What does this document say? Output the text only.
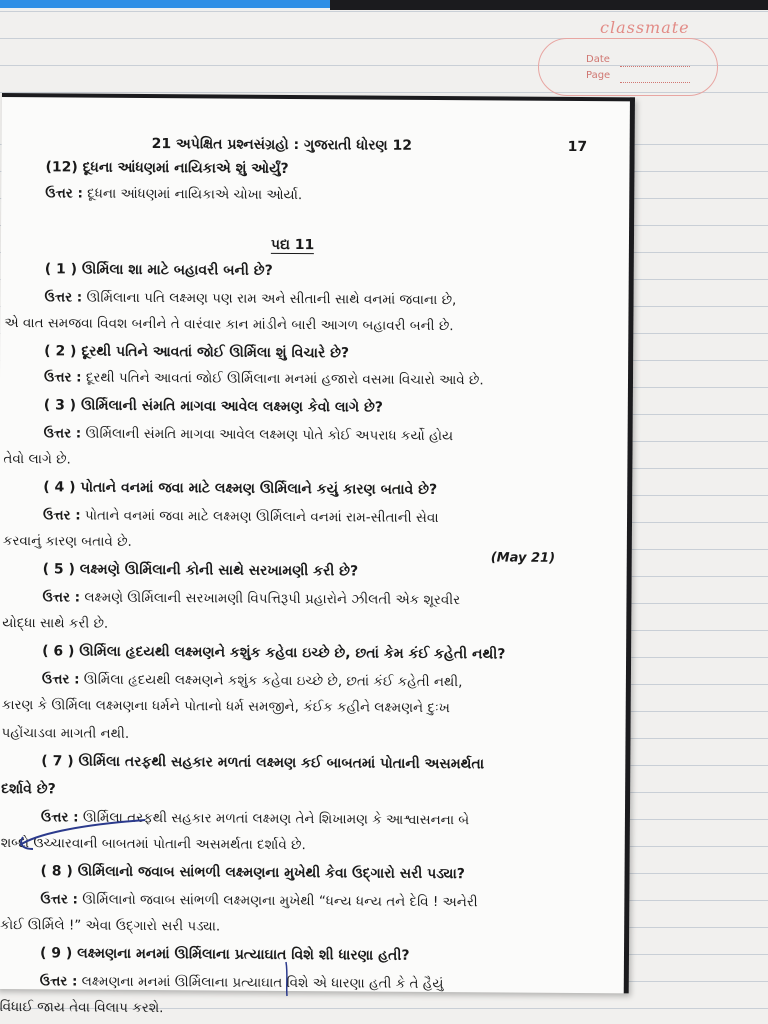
classmate
Date
Page
21 અપેક્ષિત પ્રશ્નસંગ્રહો : ગુજરાતી ધોરણ 12	17
પદ્ય 11
(May 21)
(12) દૂધના આંધણમાં નાયિકાએ શું ઓર્યું?
ઉત્તર : દૂધના આંધણમાં નાયિકાએ ચોખા ઓર્યા.
( 1 ) ઊર્મિલા શા માટે બહાવરી બની છે?
ઉત્તર : ઊર્મિલાના પતિ લક્ષ્મણ પણ રામ અને સીતાની સાથે વનમાં જવાના છે,
એ વાત સમજવા વિવશ બનીને તે વારંવાર કાન માંડીને બારી આગળ બહાવરી બની છે.
( 2 ) દૂરથી પતિને આવતાં જોઈ ઊર્મિલા શું વિચારે છે?
ઉત્તર : દૂરથી પતિને આવતાં જોઈ ઊર્મિલાના મનમાં હજારો વસમા વિચારો આવે છે.
( 3 ) ઊર્મિલાની સંમતિ માગવા આવેલ લક્ષ્મણ કેવો લાગે છે?
ઉત્તર : ઊર્મિલાની સંમતિ માગવા આવેલ લક્ષ્મણ પોતે કોઈ અપરાધ કર્યો હોય
તેવો લાગે છે.
( 4 ) પોતાને વનમાં જવા માટે લક્ષ્મણ ઊર્મિલાને કયું કારણ બતાવે છે?
ઉત્તર : પોતાને વનમાં જવા માટે લક્ષ્મણ ઊર્મિલાને વનમાં રામ-સીતાની સેવા
કરવાનું કારણ બતાવે છે.
( 5 ) લક્ષ્મણે ઊર્મિલાની કોની સાથે સરખામણી કરી છે?
ઉત્તર : લક્ષ્મણે ઊર્મિલાની સરખામણી વિપત્તિરૂપી પ્રહારોને ઝીલતી એક શૂરવીર
યોદ્ધા સાથે કરી છે.
( 6 ) ઊર્મિલા હૃદયથી લક્ષ્મણને કશુંક કહેવા ઇચ્છે છે, છતાં કેમ કંઈ કહેતી નથી?
ઉત્તર : ઊર્મિલા હૃદયથી લક્ષ્મણને કશુંક કહેવા ઇચ્છે છે, છતાં કંઈ કહેતી નથી,
કારણ કે ઊર્મિલા લક્ષ્મણના ધર્મને પોતાનો ધર્મ સમજીને, કંઈક કહીને લક્ષ્મણને દુઃખ
પહોંચાડવા માગતી નથી.
( 7 ) ઊર્મિલા તરફથી સહકાર મળતાં લક્ષ્મણ કઈ બાબતમાં પોતાની અસમર્થતા
દર્શાવે છે?
ઉત્તર : ઊર્મિલા તરફથી સહકાર મળતાં લક્ષ્મણ તેને શિખામણ કે આશ્વાસનના બે
શબ્દો ઉચ્ચારવાની બાબતમાં પોતાની અસમર્થતા દર્શાવે છે.
( 8 ) ઊર્મિલાનો જવાબ સાંભળી લક્ષ્મણના મુખેથી કેવા ઉદ્ગારો સરી પડ્યા?
ઉત્તર : ઊર્મિલાનો જવાબ સાંભળી લક્ષ્મણના મુખેથી “ધન્ય ધન્ય તને દેવિ ! અનેરી
કોઈ ઊર્મિલે !” એવા ઉદ્ગારો સરી પડ્યા.
( 9 ) લક્ષ્મણના મનમાં ઊર્મિલાના પ્રત્યાઘાત વિશે શી ધારણા હતી?
ઉત્તર : લક્ષ્મણના મનમાં ઊર્મિલાના પ્રત્યાઘાત વિશે એ ધારણા હતી કે તે હૈયું
વિંધાઈ જાય તેવા વિલાપ કરશે.
